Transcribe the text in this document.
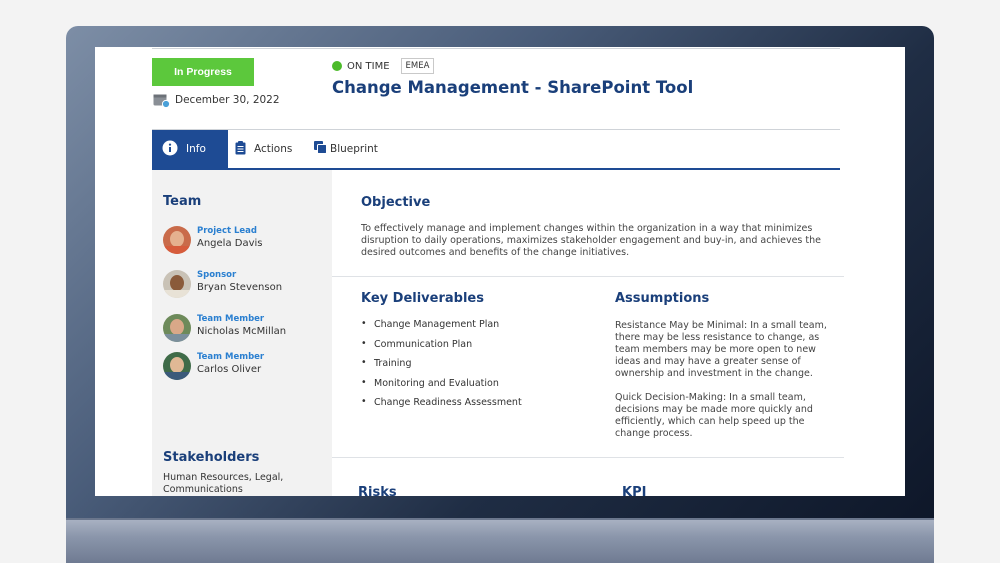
In Progress
December 30, 2022
ON TIME	EMEA
Change Management - SharePoint Tool
Info	Actions	Blueprint
Team
Project Lead
Angela Davis
Sponsor
Bryan Stevenson
Team Member
Nicholas McMillan
Team Member
Carlos Oliver
Stakeholders
Human Resources, Legal,
Communications
Objective
To effectively manage and implement changes within the organization in a way that minimizes
disruption to daily operations, maximizes stakeholder engagement and buy-in, and achieves the
desired outcomes and benefits of the change initiatives.
Key Deliverables
• Change Management Plan
• Communication Plan
• Training
• Monitoring and Evaluation
• Change Readiness Assessment
Assumptions
Resistance May be Minimal: In a small team,
there may be less resistance to change, as
team members may be more open to new
ideas and may have a greater sense of
ownership and investment in the change.
Quick Decision-Making: In a small team,
decisions may be made more quickly and
efficiently, which can help speed up the
change process.
Risks	KPI
